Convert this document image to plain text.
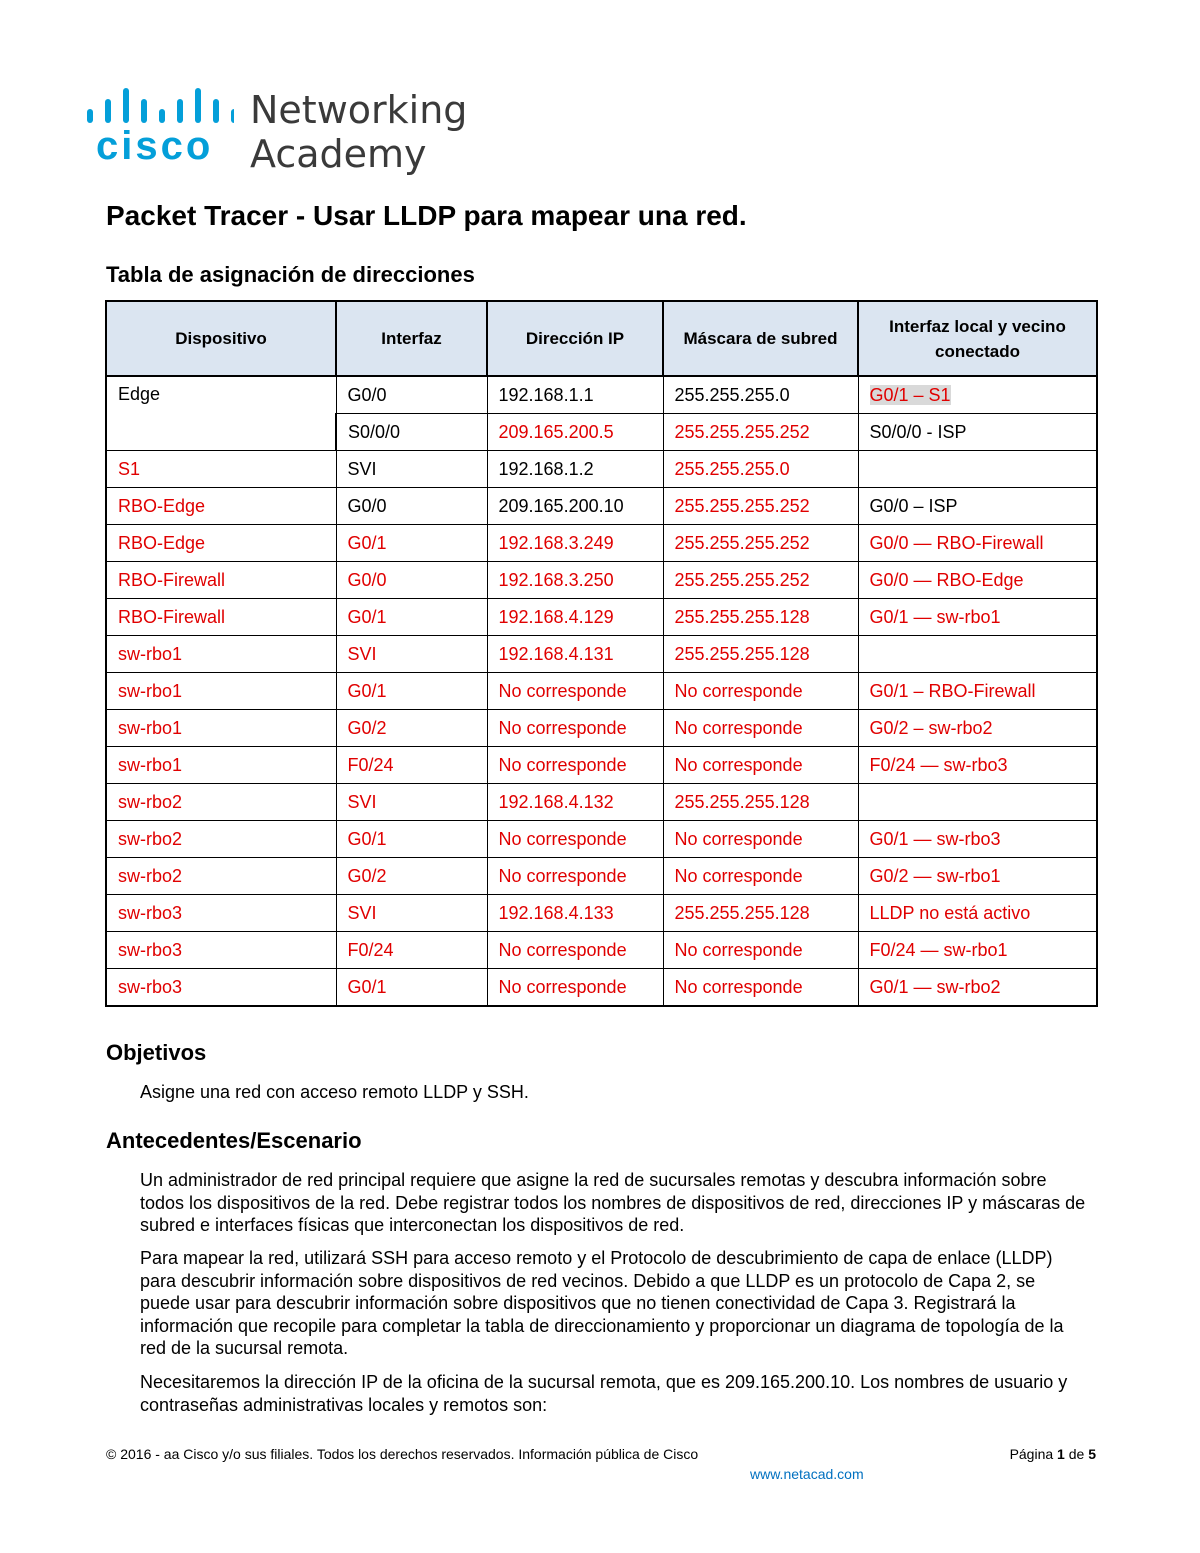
cisco
Networking
Academy
Packet Tracer - Usar LLDP para mapear una red.
Tabla de asignación de direcciones
Dispositivo	Interfaz	Dirección IP	Máscara de subred	Interfaz local y vecino conectado
Edge	G0/0	192.168.1.1	255.255.255.0	G0/1 – S1
	S0/0/0	209.165.200.5	255.255.255.252	S0/0/0 - ISP
S1	SVI	192.168.1.2	255.255.255.0	
RBO-Edge	G0/0	209.165.200.10	255.255.255.252	G0/0 – ISP
RBO-Edge	G0/1	192.168.3.249	255.255.255.252	G0/0 — RBO-Firewall
RBO-Firewall	G0/0	192.168.3.250	255.255.255.252	G0/0 — RBO-Edge
RBO-Firewall	G0/1	192.168.4.129	255.255.255.128	G0/1 — sw-rbo1
sw-rbo1	SVI	192.168.4.131	255.255.255.128	
sw-rbo1	G0/1	No corresponde	No corresponde	G0/1 – RBO-Firewall
sw-rbo1	G0/2	No corresponde	No corresponde	G0/2 – sw-rbo2
sw-rbo1	F0/24	No corresponde	No corresponde	F0/24 — sw-rbo3
sw-rbo2	SVI	192.168.4.132	255.255.255.128	
sw-rbo2	G0/1	No corresponde	No corresponde	G0/1 — sw-rbo3
sw-rbo2	G0/2	No corresponde	No corresponde	G0/2 — sw-rbo1
sw-rbo3	SVI	192.168.4.133	255.255.255.128	LLDP no está activo
sw-rbo3	F0/24	No corresponde	No corresponde	F0/24 — sw-rbo1
sw-rbo3	G0/1	No corresponde	No corresponde	G0/1 — sw-rbo2
Objetivos

Asigne una red con acceso remoto LLDP y SSH.

Antecedentes/Escenario

Un administrador de red principal requiere que asigne la red de sucursales remotas y descubra información sobre todos los dispositivos de la red. Debe registrar todos los nombres de dispositivos de red, direcciones IP y máscaras de subred e interfaces físicas que interconectan los dispositivos de red.

Para mapear la red, utilizará SSH para acceso remoto y el Protocolo de descubrimiento de capa de enlace (LLDP) para descubrir información sobre dispositivos de red vecinos. Debido a que LLDP es un protocolo de Capa 2, se puede usar para descubrir información sobre dispositivos que no tienen conectividad de Capa 3. Registrará la información que recopile para completar la tabla de direccionamiento y proporcionar un diagrama de topología de la red de la sucursal remota.

Necesitaremos la dirección IP de la oficina de la sucursal remota, que es 209.165.200.10. Los nombres de usuario y contraseñas administrativas locales y remotos son:

© 2016 - aa Cisco y/o sus filiales. Todos los derechos reservados. Información pública de Cisco	Página 1 de 5
www.netacad.com
